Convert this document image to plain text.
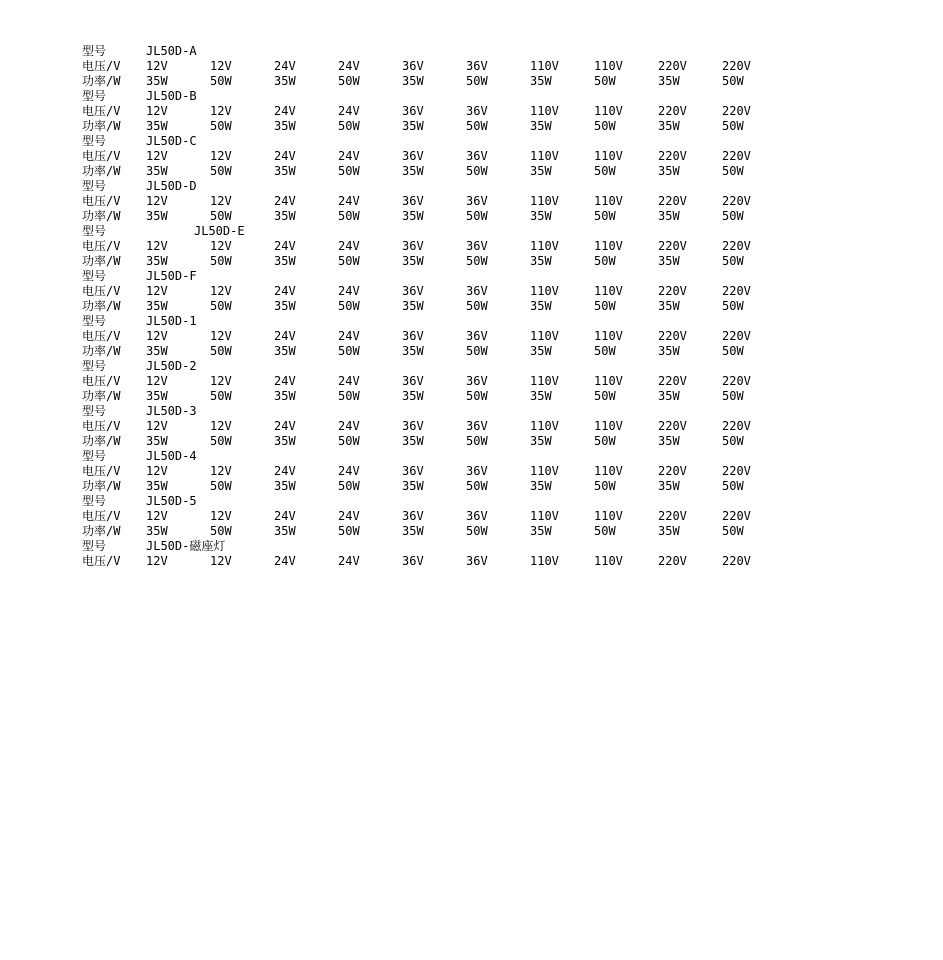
型号	JL50D-A
电压/V 12V	12V	24V	24V	36V	36V	110V	110V	220V	220V
功率/W 35W	50W	35W	50W	35W	50W	35W	50W	35W	50W
型号	JL50D-B
电压/V 12V	12V	24V	24V	36V	36V	110V	110V	220V	220V
功率/W 35W	50W	35W	50W	35W	50W	35W	50W	35W	50W
型号	JL50D-C
电压/V 12V	12V	24V	24V	36V	36V	110V	110V	220V	220V
功率/W 35W	50W	35W	50W	35W	50W	35W	50W	35W	50W
型号	JL50D-D
电压/V 12V	12V	24V	24V	36V	36V	110V	110V	220V	220V
功率/W 35W	50W	35W	50W	35W	50W	35W	50W	35W	50W
型号	JL50D-E
电压/V 12V	12V	24V	24V	36V	36V	110V	110V	220V	220V
功率/W 35W	50W	35W	50W	35W	50W	35W	50W	35W	50W
型号	JL50D-F
电压/V 12V	12V	24V	24V	36V	36V	110V	110V	220V	220V
功率/W 35W	50W	35W	50W	35W	50W	35W	50W	35W	50W
型号	JL50D-1
电压/V 12V	12V	24V	24V	36V	36V	110V	110V	220V	220V
功率/W 35W	50W	35W	50W	35W	50W	35W	50W	35W	50W
型号	JL50D-2
电压/V 12V	12V	24V	24V	36V	36V	110V	110V	220V	220V
功率/W 35W	50W	35W	50W	35W	50W	35W	50W	35W	50W
型号	JL50D-3
电压/V 12V	12V	24V	24V	36V	36V	110V	110V	220V	220V
功率/W 35W	50W	35W	50W	35W	50W	35W	50W	35W	50W
型号	JL50D-4
电压/V 12V	12V	24V	24V	36V	36V	110V	110V	220V	220V
功率/W 35W	50W	35W	50W	35W	50W	35W	50W	35W	50W
型号	JL50D-5
电压/V 12V	12V	24V	24V	36V	36V	110V	110V	220V	220V
功率/W 35W	50W	35W	50W	35W	50W	35W	50W	35W	50W
型号	JL50D-磁座灯
电压/V 12V	12V	24V	24V	36V	36V	110V	110V	220V	220V
